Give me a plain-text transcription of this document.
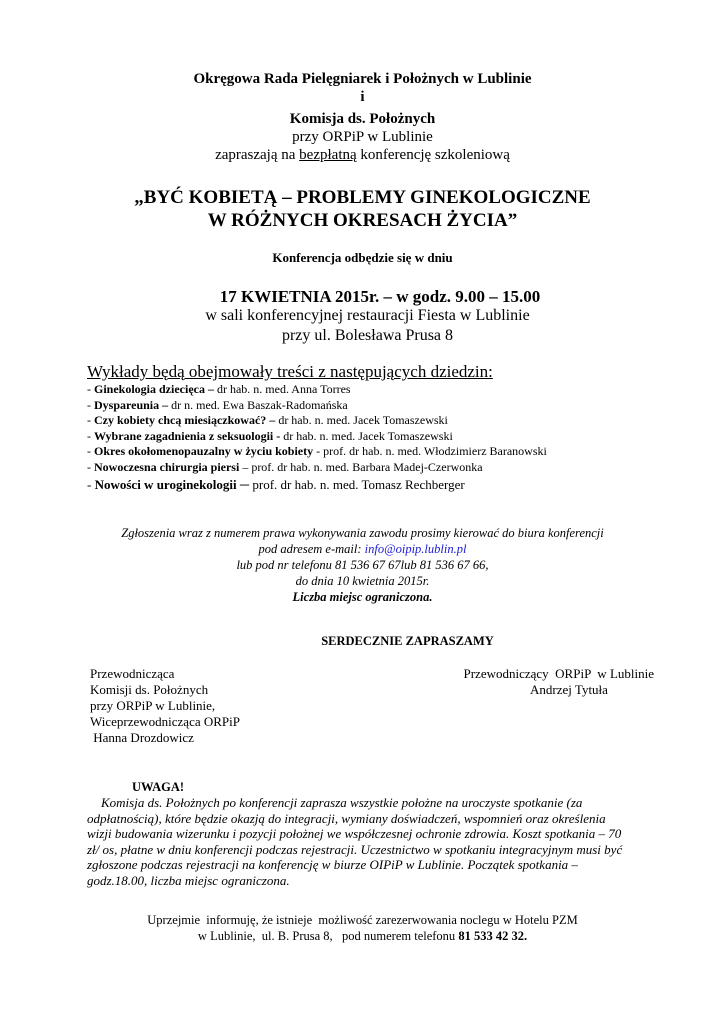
Okręgowa Rada Pielęgniarek i Położnych w Lublinie
i
Komisja ds. Położnych
przy ORPiP w Lublinie
zapraszają na bezpłatną konferencję szkoleniową
„BYĆ KOBIETĄ – PROBLEMY GINEKOLOGICZNE
W RÓŻNYCH OKRESACH ŻYCIA”
Konferencja odbędzie się w dniu
17 KWIETNIA 2015r. – w godz. 9.00 – 15.00
w sali konferencyjnej restauracji Fiesta w Lublinie
przy ul. Bolesława Prusa 8
Wykłady będą obejmowały treści z następujących dziedzin:
- Ginekologia dziecięca – dr hab. n. med. Anna Torres
- Dyspareunia – dr n. med. Ewa Baszak-Radomańska
- Czy kobiety chcą miesiączkować? – dr hab. n. med. Jacek Tomaszewski
- Wybrane zagadnienia z seksuologii - dr hab. n. med. Jacek Tomaszewski
- Okres okołomenopauzalny w życiu kobiety - prof. dr hab. n. med. Włodzimierz Baranowski
- Nowoczesna chirurgia piersi – prof. dr hab. n. med. Barbara Madej-Czerwonka
- Nowości w uroginekologii ─ prof. dr hab. n. med. Tomasz Rechberger
Zgłoszenia wraz z numerem prawa wykonywania zawodu prosimy kierować do biura konferencji
pod adresem e-mail: info@oipip.lublin.pl
lub pod nr telefonu 81 536 67 67lub 81 536 67 66,
do dnia 10 kwietnia 2015r.
Liczba miejsc ograniczona.
SERDECZNIE ZAPRASZAMY
Przewodnicząca
Komisji ds. Położnych
przy ORPiP w Lublinie,
Wiceprzewodnicząca ORPiP
Hanna Drozdowicz
Przewodniczący  ORPiP  w Lublinie
Andrzej Tytuła
UWAGA!
Komisja ds. Położnych po konferencji zaprasza wszystkie położne na uroczyste spotkanie (za odpłatnością), które będzie okazją do integracji, wymiany doświadczeń, wspomnień oraz określenia wizji budowania wizerunku i pozycji położnej we współczesnej ochronie zdrowia. Koszt spotkania – 70 zł/ os, płatne w dniu konferencji podczas rejestracji. Uczestnictwo w spotkaniu integracyjnym musi być zgłoszone podczas rejestracji na konferencję w biurze OIPiP w Lublinie. Początek spotkania – godz.18.00, liczba miejsc ograniczona.
Uprzejmie  informuję, że istnieje  możliwość zarezerwowania noclegu w Hotelu PZM
w Lublinie,  ul. B. Prusa 8,   pod numerem telefonu 81 533 42 32.
